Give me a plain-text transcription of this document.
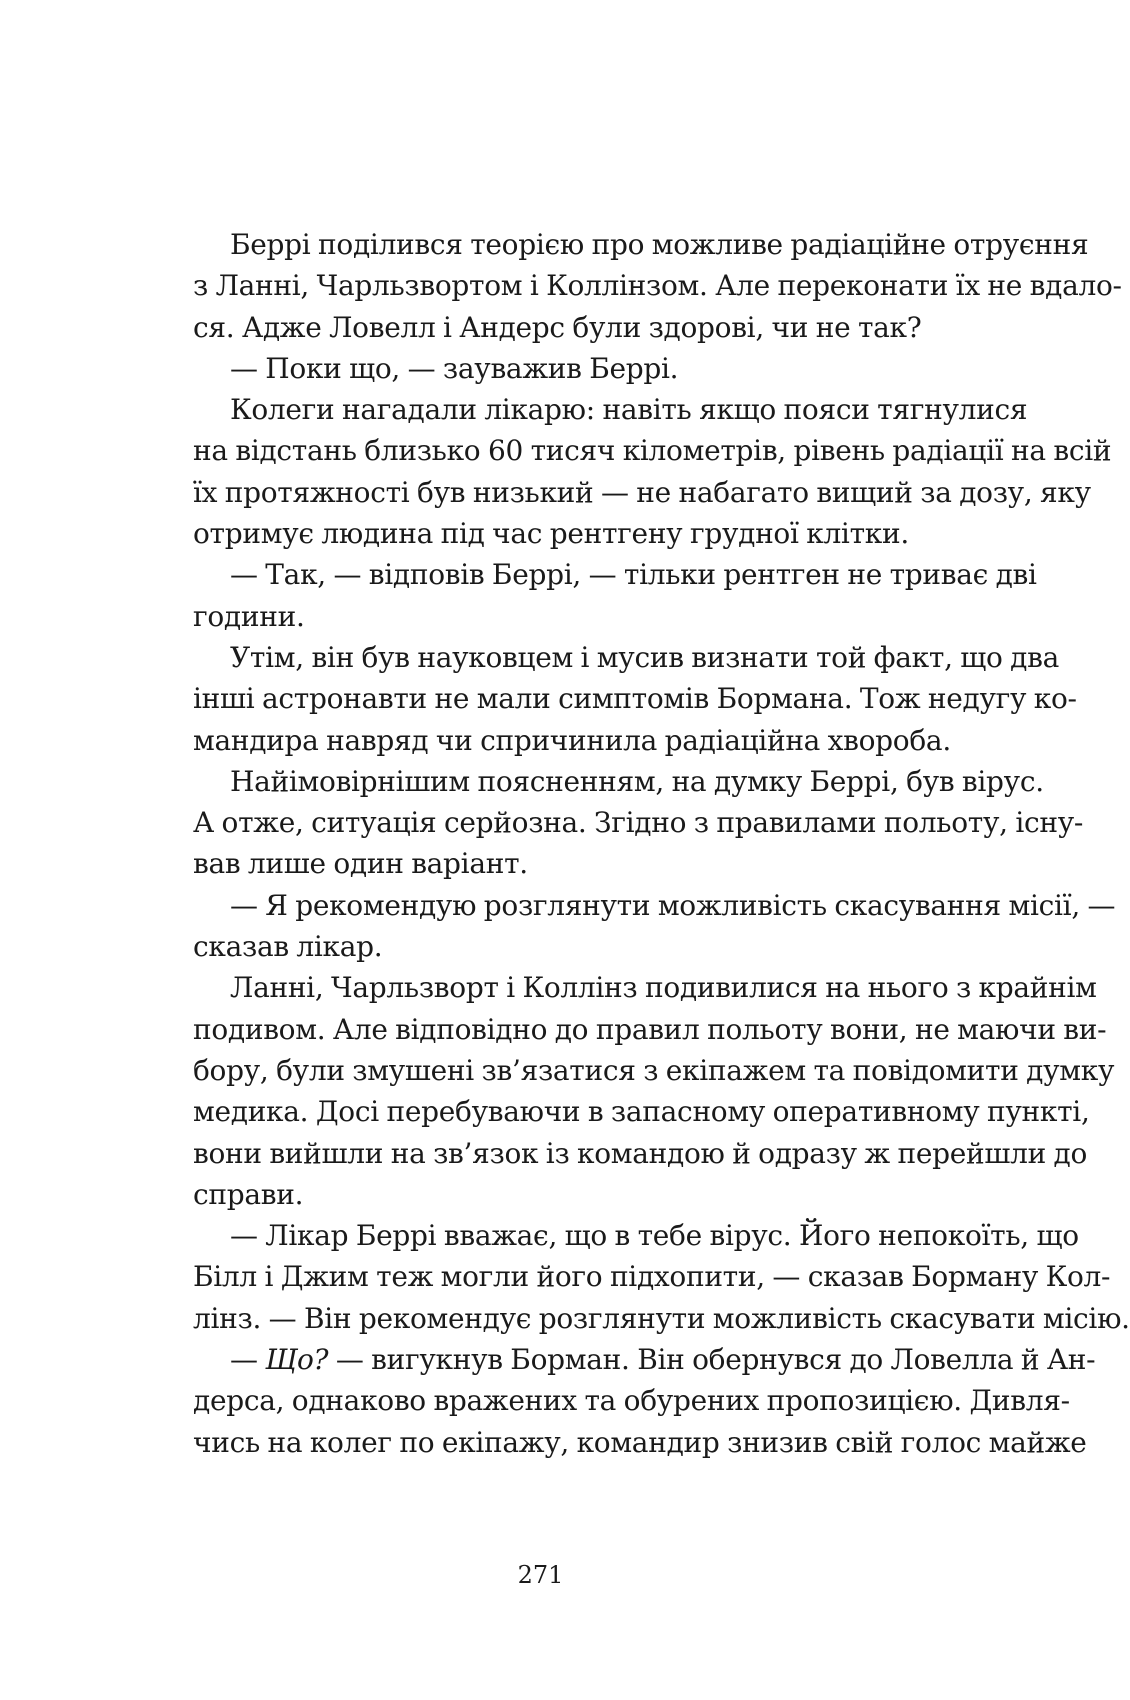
Беррі поділився теорією про можливе радіаційне отруєння
з Ланні, Чарльзвортом і Коллінзом. Але переконати їх не вдало-
ся. Адже Ловелл і Андерс були здорові, чи не так?
— Поки що, — зауважив Беррі.
Колеги нагадали лікарю: навіть якщо пояси тягнулися
на відстань близько 60 тисяч кілометрів, рівень радіації на всій
їх протяжності був низький — не набагато вищий за дозу, яку
отримує людина під час рентгену грудної клітки.
— Так, — відповів Беррі, — тільки рентген не триває дві
години.
Утім, він був науковцем і мусив визнати той факт, що два
інші астронавти не мали симптомів Бормана. Тож недугу ко-
мандира навряд чи спричинила радіаційна хвороба.
Найімовірнішим поясненням, на думку Беррі, був вірус.
А отже, ситуація серйозна. Згідно з правилами польоту, існу-
вав лише один варіант.
— Я рекомендую розглянути можливість скасування місії, —
сказав лікар.
Ланні, Чарльзворт і Коллінз подивилися на нього з крайнім
подивом. Але відповідно до правил польоту вони, не маючи ви-
бору, були змушені зв’язатися з екіпажем та повідомити думку
медика. Досі перебуваючи в запасному оперативному пункті,
вони вийшли на зв’язок із командою й одразу ж перейшли до
справи.
— Лікар Беррі вважає, що в тебе вірус. Його непокоїть, що
Білл і Джим теж могли його підхопити, — сказав Борману Кол-
лінз. — Він рекомендує розглянути можливість скасувати місію.
— Що? — вигукнув Борман. Він обернувся до Ловелла й Ан-
дерса, однаково вражених та обурених пропозицією. Дивля-
чись на колег по екіпажу, командир знизив свій голос майже
271
